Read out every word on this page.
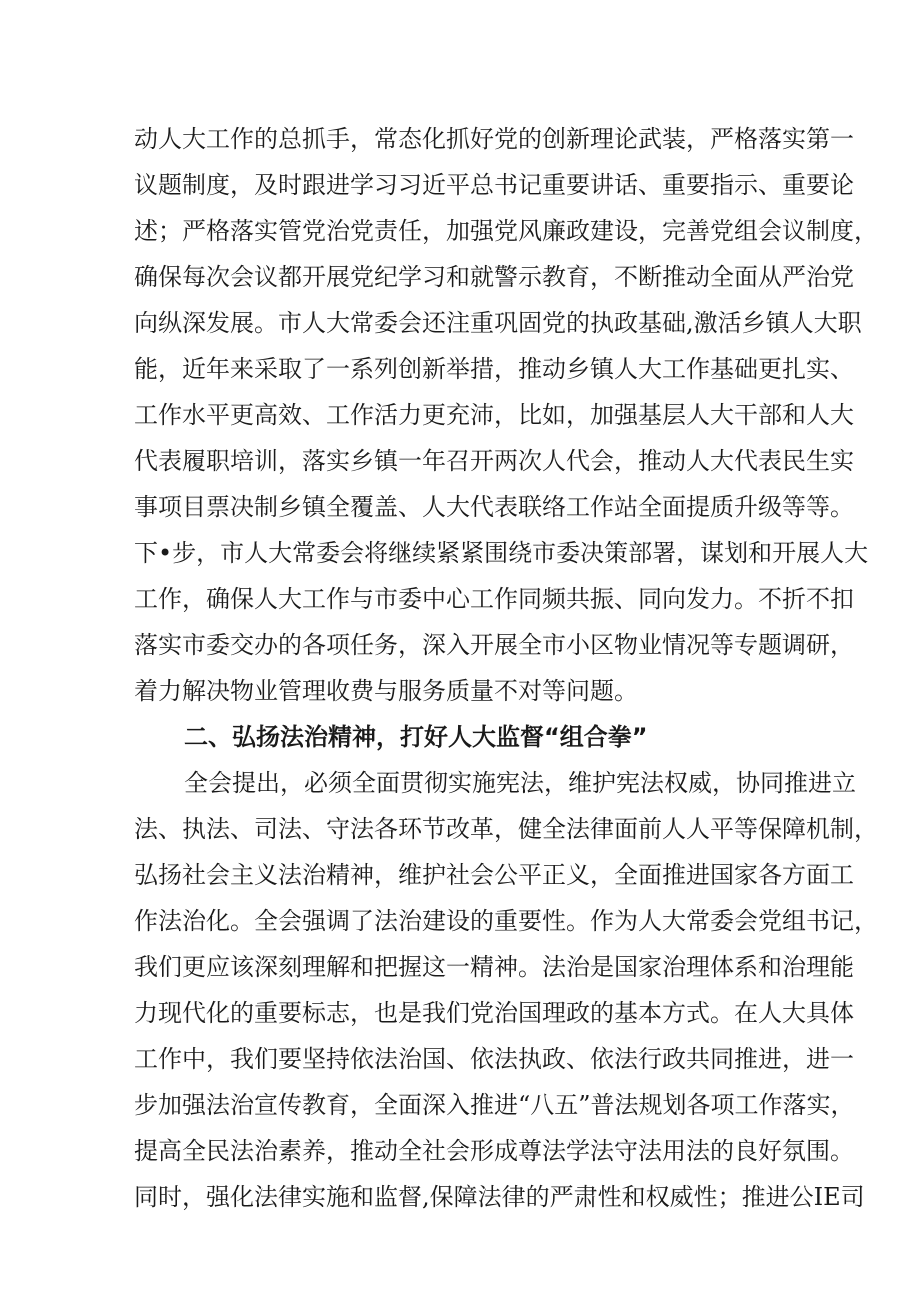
动人大工作的总抓手，常态化抓好党的创新理论武装，严格落实第一
议题制度，及时跟进学习习近平总书记重要讲话、重要指示、重要论
述；严格落实管党治党责任，加强党风廉政建设，完善党组会议制度，
确保每次会议都开展党纪学习和就警示教育，不断推动全面从严治党
向纵深发展。市人大常委会还注重巩固党的执政基础,激活乡镇人大职
能，近年来采取了一系列创新举措，推动乡镇人大工作基础更扎实、
工作水平更高效、工作活力更充沛，比如，加强基层人大干部和人大
代表履职培训，落实乡镇一年召开两次人代会，推动人大代表民生实
事项目票决制乡镇全覆盖、人大代表联络工作站全面提质升级等等。
下•步，市人大常委会将继续紧紧围绕市委决策部署，谋划和开展人大
工作，确保人大工作与市委中心工作同频共振、同向发力。不折不扣
落实市委交办的各项任务，深入开展全市小区物业情况等专题调研，
着力解决物业管理收费与服务质量不对等问题。
二、弘扬法治精神，打好人大监督“组合拳”
全会提出，必须全面贯彻实施宪法，维护宪法权威，协同推进立
法、执法、司法、守法各环节改革，健全法律面前人人平等保障机制，
弘扬社会主义法治精神，维护社会公平正义，全面推进国家各方面工
作法治化。全会强调了法治建设的重要性。作为人大常委会党组书记，
我们更应该深刻理解和把握这一精神。法治是国家治理体系和治理能
力现代化的重要标志，也是我们党治国理政的基本方式。在人大具体
工作中，我们要坚持依法治国、依法执政、依法行政共同推进，进一
步加强法治宣传教育，全面深入推进“八五”普法规划各项工作落实，
提高全民法治素养，推动全社会形成尊法学法守法用法的良好氛围。
同时，强化法律实施和监督,保障法律的严肃性和权威性；推进公IE司
